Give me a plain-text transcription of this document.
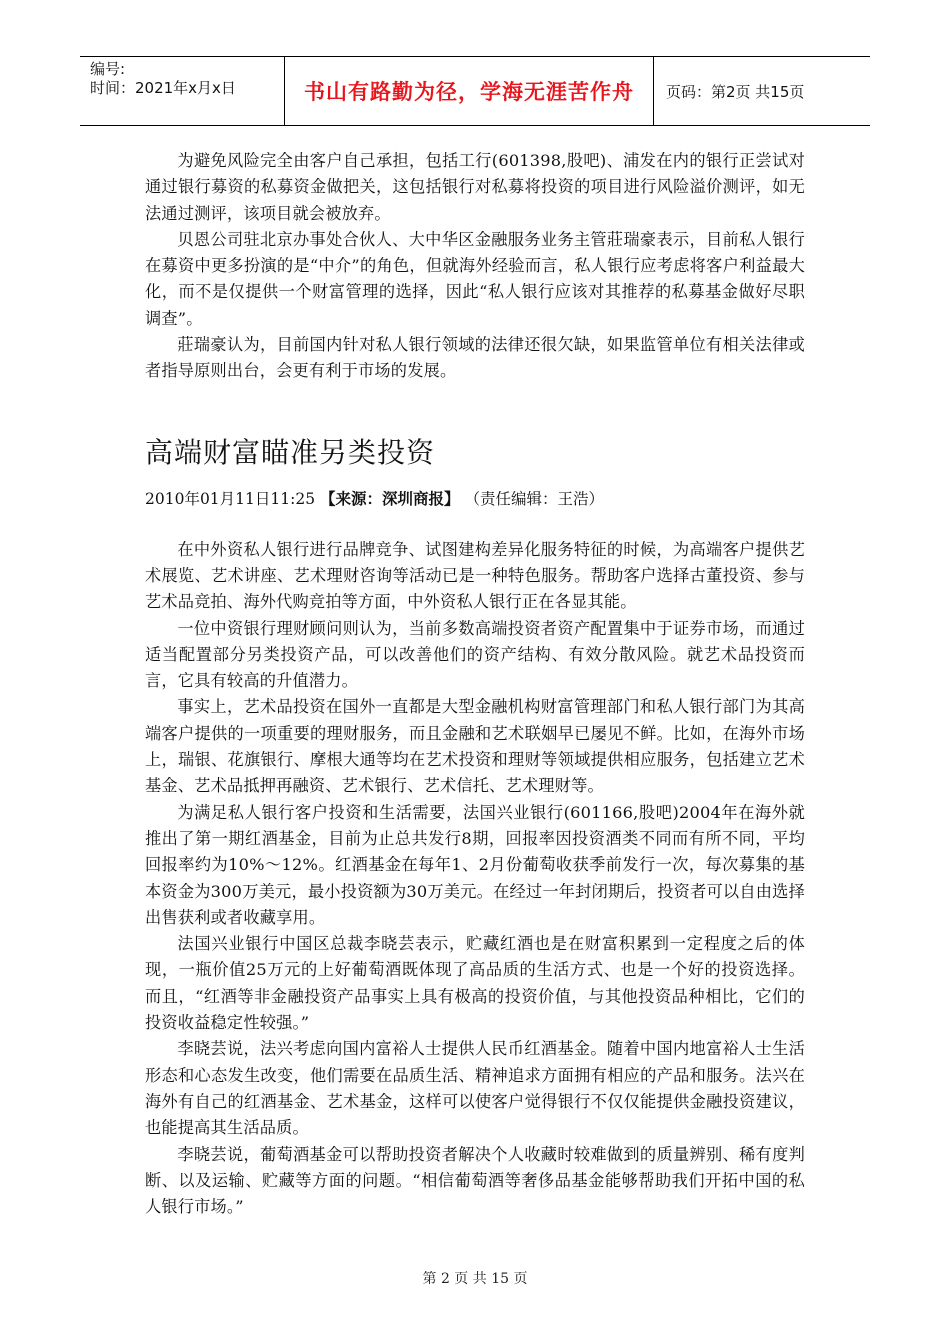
编号:
时间：2021年x月x日	书山有路勤为径，学海无涯苦作舟	页码：第2页 共15页

为避免风险完全由客户自己承担，包括工行(601398,股吧)、浦发在内的银行正尝试对通过银行募资的私募资金做把关，这包括银行对私募将投资的项目进行风险溢价测评，如无法通过测评，该项目就会被放弃。

贝恩公司驻北京办事处合伙人、大中华区金融服务业务主管莊瑞豪表示，目前私人银行在募资中更多扮演的是“中介”的角色，但就海外经验而言，私人银行应考虑将客户利益最大化，而不是仅提供一个财富管理的选择，因此“私人银行应该对其推荐的私募基金做好尽职调查”。

莊瑞豪认为，目前国内针对私人银行领域的法律还很欠缺，如果监管单位有相关法律或者指导原则出台，会更有利于市场的发展。

高端财富瞄准另类投资
2010年01月11日11:25 【来源：深圳商报】 （责任编辑：王浩）

在中外资私人银行进行品牌竞争、试图建构差异化服务特征的时候，为高端客户提供艺术展览、艺术讲座、艺术理财咨询等活动已是一种特色服务。帮助客户选择古董投资、参与艺术品竞拍、海外代购竞拍等方面，中外资私人银行正在各显其能。

一位中资银行理财顾问则认为，当前多数高端投资者资产配置集中于证券市场，而通过适当配置部分另类投资产品，可以改善他们的资产结构、有效分散风险。就艺术品投资而言，它具有较高的升值潜力。

事实上，艺术品投资在国外一直都是大型金融机构财富管理部门和私人银行部门为其高端客户提供的一项重要的理财服务，而且金融和艺术联姻早已屡见不鲜。比如，在海外市场上，瑞银、花旗银行、摩根大通等均在艺术投资和理财等领域提供相应服务，包括建立艺术基金、艺术品抵押再融资、艺术银行、艺术信托、艺术理财等。

为满足私人银行客户投资和生活需要，法国兴业银行(601166,股吧)2004年在海外就推出了第一期红酒基金，目前为止总共发行8期，回报率因投资酒类不同而有所不同，平均回报率约为10%～12%。红酒基金在每年1、2月份葡萄收获季前发行一次，每次募集的基本资金为300万美元，最小投资额为30万美元。在经过一年封闭期后，投资者可以自由选择出售获利或者收藏享用。

法国兴业银行中国区总裁李晓芸表示，贮藏红酒也是在财富积累到一定程度之后的体现，一瓶价值25万元的上好葡萄酒既体现了高品质的生活方式、也是一个好的投资选择。而且，“红酒等非金融投资产品事实上具有极高的投资价值，与其他投资品种相比，它们的投资收益稳定性较强。”

李晓芸说，法兴考虑向国内富裕人士提供人民币红酒基金。随着中国内地富裕人士生活形态和心态发生改变，他们需要在品质生活、精神追求方面拥有相应的产品和服务。法兴在海外有自己的红酒基金、艺术基金，这样可以使客户觉得银行不仅仅能提供金融投资建议，也能提高其生活品质。

李晓芸说，葡萄酒基金可以帮助投资者解决个人收藏时较难做到的质量辨别、稀有度判断、以及运输、贮藏等方面的问题。“相信葡萄酒等奢侈品基金能够帮助我们开拓中国的私人银行市场。”

第 2 页 共 15 页
